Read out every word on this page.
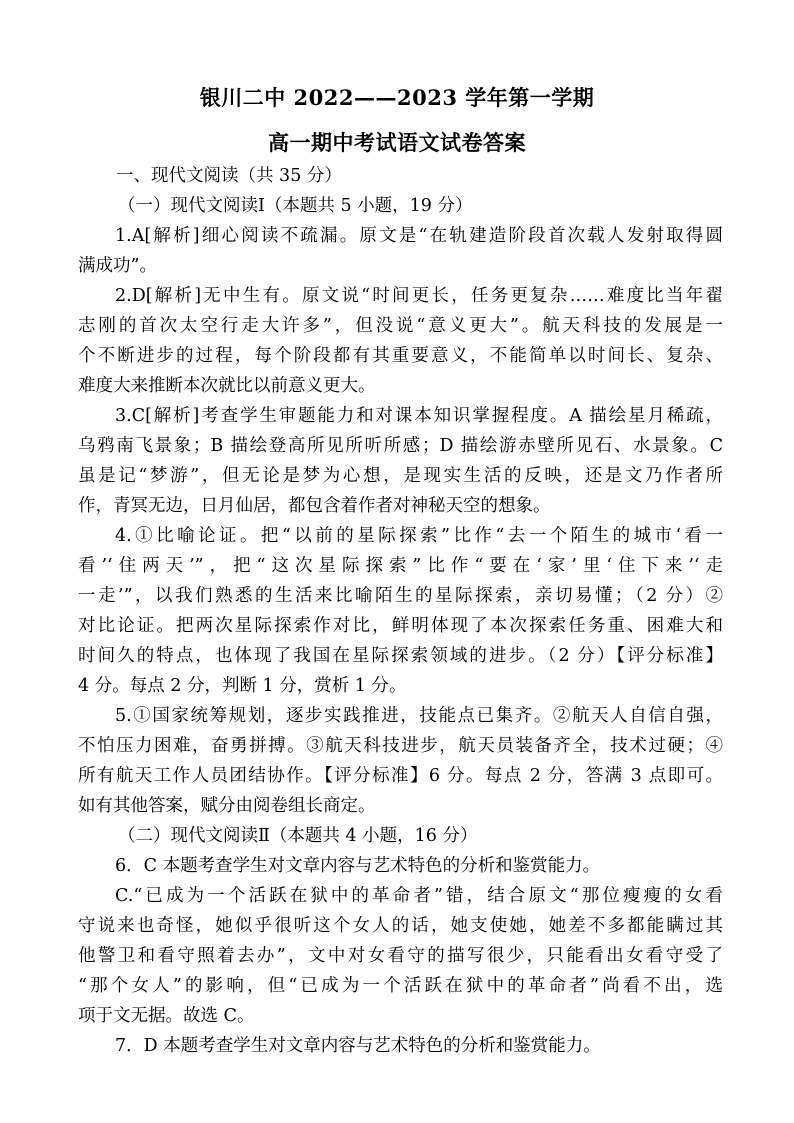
银川二中 2022——2023 学年第一学期
高一期中考试语文试卷答案
一、现代文阅读（共 35 分）
（一）现代文阅读Ⅰ（本题共 5 小题，19 分）
1.A[解析]细心阅读不疏漏。原文是“在轨建造阶段首次载人发射取得圆
满成功”。
2.D[解析]无中生有。原文说“时间更长，任务更复杂……难度比当年翟
志刚的首次太空行走大许多”，但没说“意义更大”。航天科技的发展是一
个不断进步的过程，每个阶段都有其重要意义，不能简单以时间长、复杂、
难度大来推断本次就比以前意义更大。
3.C[解析]考查学生审题能力和对课本知识掌握程度。A 描绘星月稀疏，
乌鸦南飞景象；B 描绘登高所见所听所感；D 描绘游赤壁所见石、水景象。C
虽是记“梦游”，但无论是梦为心想，是现实生活的反映，还是文乃作者所
作，青冥无边，日月仙居，都包含着作者对神秘天空的想象。
4.①比喻论证。把“以前的星际探索”比作“去一个陌生的城市‘看一
看’‘住两天’”，把“这次星际探索”比作“要在‘家’里‘住下来’‘走
一走’”，以我们熟悉的生活来比喻陌生的星际探索，亲切易懂；（2 分）②
对比论证。把两次星际探索作对比，鲜明体现了本次探索任务重、困难大和
时间久的特点，也体现了我国在星际探索领域的进步。（2 分）【评分标准】
4 分。每点 2 分，判断 1 分，赏析 1 分。
5.①国家统筹规划，逐步实践推进，技能点已集齐。②航天人自信自强，
不怕压力困难，奋勇拼搏。③航天科技进步，航天员装备齐全，技术过硬；④
所有航天工作人员团结协作。【评分标准】6 分。每点 2 分，答满 3 点即可。
如有其他答案，赋分由阅卷组长商定。
（二）现代文阅读Ⅱ（本题共 4 小题，16 分）
6．C 本题考查学生对文章内容与艺术特色的分析和鉴赏能力。
C.“已成为一个活跃在狱中的革命者”错，结合原文“那位瘦瘦的女看
守说来也奇怪，她似乎很听这个女人的话，她支使她，她差不多都能瞒过其
他警卫和看守照着去办”，文中对女看守的描写很少，只能看出女看守受了
“那个女人”的影响，但“已成为一个活跃在狱中的革命者”尚看不出，选
项于文无据。故选 C。
7．D 本题考查学生对文章内容与艺术特色的分析和鉴赏能力。
